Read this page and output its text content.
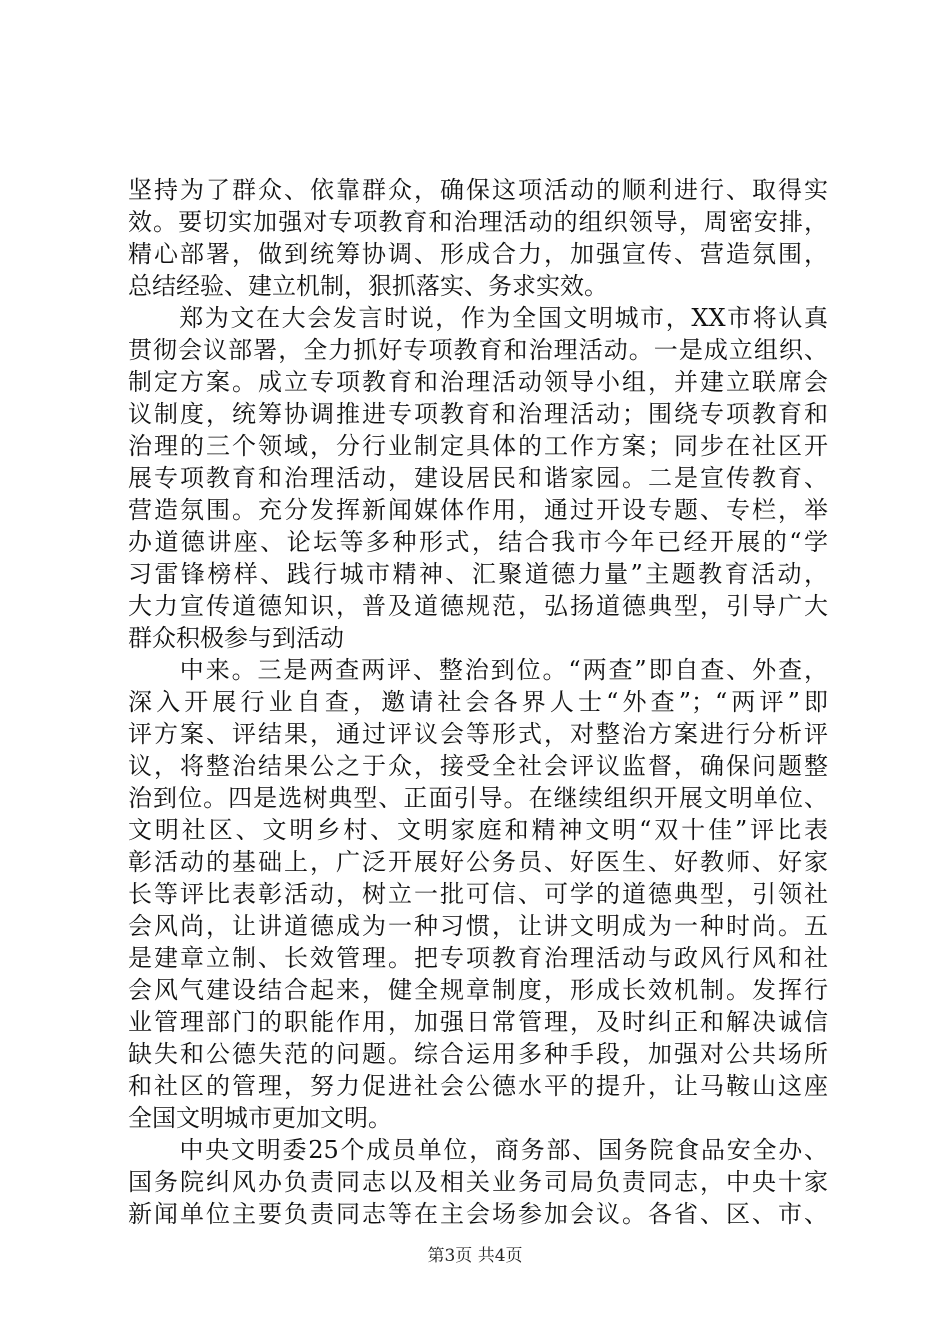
坚持为了群众、依靠群众，确保这项活动的顺利进行、取得实
效。要切实加强对专项教育和治理活动的组织领导，周密安排，
精心部署，做到统筹协调、形成合力，加强宣传、营造氛围，
总结经验、建立机制，狠抓落实、务求实效。
　　郑为文在大会发言时说，作为全国文明城市，XX市将认真
贯彻会议部署，全力抓好专项教育和治理活动。一是成立组织、
制定方案。成立专项教育和治理活动领导小组，并建立联席会
议制度，统筹协调推进专项教育和治理活动；围绕专项教育和
治理的三个领域，分行业制定具体的工作方案；同步在社区开
展专项教育和治理活动，建设居民和谐家园。二是宣传教育、
营造氛围。充分发挥新闻媒体作用，通过开设专题、专栏，举
办道德讲座、论坛等多种形式，结合我市今年已经开展的“学
习雷锋榜样、践行城市精神、汇聚道德力量”主题教育活动，
大力宣传道德知识，普及道德规范，弘扬道德典型，引导广大
群众积极参与到活动
　　中来。三是两查两评、整治到位。“两查”即自查、外查，
深入开展行业自查，邀请社会各界人士“外查”；“两评”即
评方案、评结果，通过评议会等形式，对整治方案进行分析评
议，将整治结果公之于众，接受全社会评议监督，确保问题整
治到位。四是选树典型、正面引导。在继续组织开展文明单位、
文明社区、文明乡村、文明家庭和精神文明“双十佳”评比表
彰活动的基础上，广泛开展好公务员、好医生、好教师、好家
长等评比表彰活动，树立一批可信、可学的道德典型，引领社
会风尚，让讲道德成为一种习惯，让讲文明成为一种时尚。五
是建章立制、长效管理。把专项教育治理活动与政风行风和社
会风气建设结合起来，健全规章制度，形成长效机制。发挥行
业管理部门的职能作用，加强日常管理，及时纠正和解决诚信
缺失和公德失范的问题。综合运用多种手段，加强对公共场所
和社区的管理，努力促进社会公德水平的提升，让马鞍山这座
全国文明城市更加文明。
　　中央文明委25个成员单位，商务部、国务院食品安全办、
国务院纠风办负责同志以及相关业务司局负责同志，中央十家
新闻单位主要负责同志等在主会场参加会议。各省、区、市、
第3页 共4页
